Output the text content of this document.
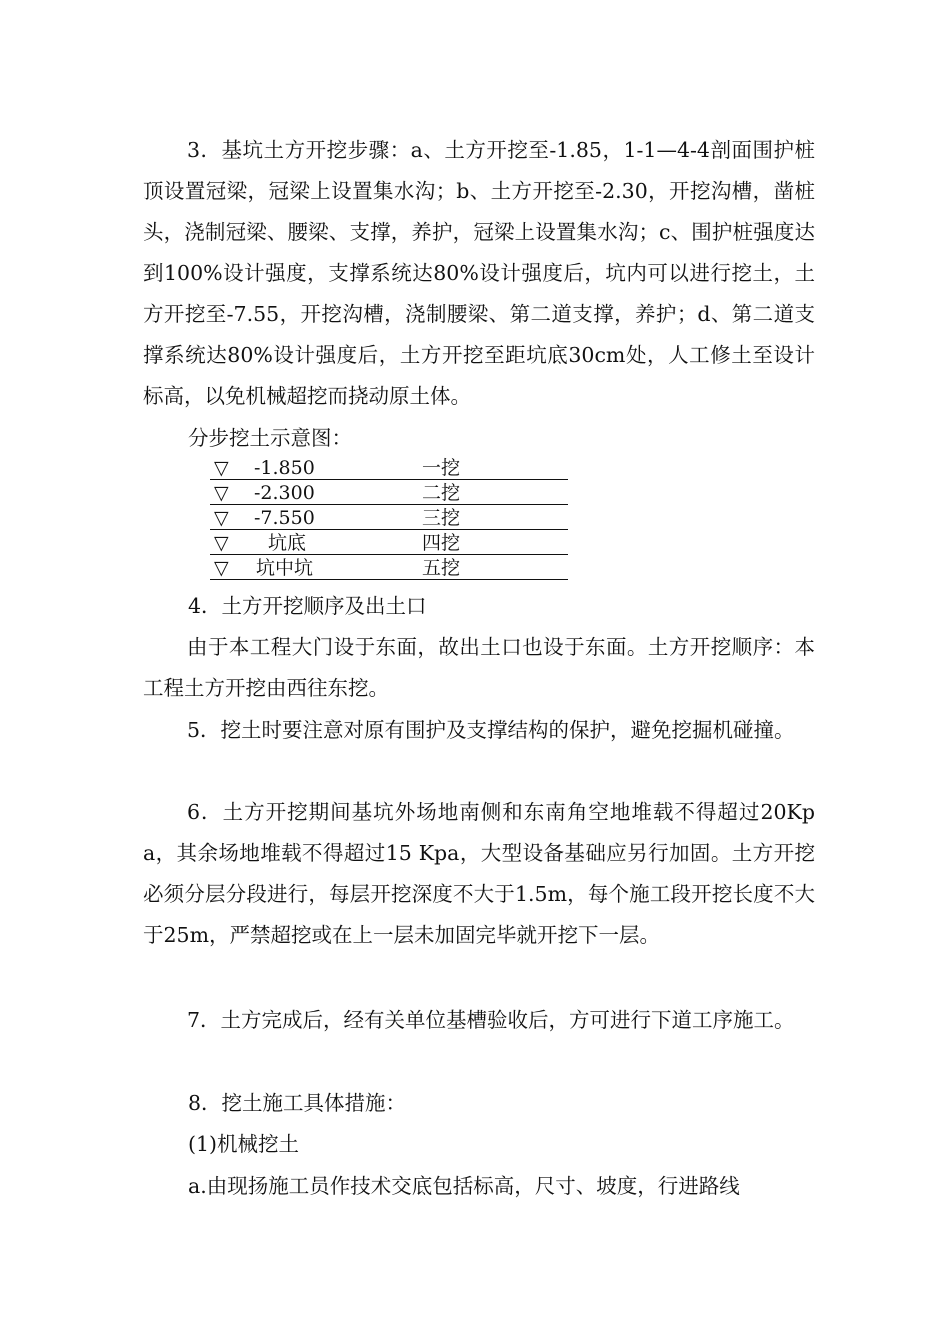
3．基坑土方开挖步骤：a、土方开挖至-1.85，1-1—4-4剖面围护桩顶设置冠梁，冠梁上设置集水沟；b、土方开挖至-2.30，开挖沟槽，凿桩头，浇制冠梁、腰梁、支撑，养护，冠梁上设置集水沟；c、围护桩强度达到100%设计强度，支撑系统达80%设计强度后，坑内可以进行挖土，土方开挖至-7.55，开挖沟槽，浇制腰梁、第二道支撑，养护；d、第二道支撑系统达80%设计强度后，土方开挖至距坑底30cm处，人工修土至设计标高，以免机械超挖而挠动原土体。

分步挖土示意图：

▽ -1.850	一挖
▽ -2.300	二挖
▽ -7.550	三挖
▽ 坑底	四挖
▽ 坑中坑	五挖

4．土方开挖顺序及出土口

由于本工程大门设于东面，故出土口也设于东面。土方开挖顺序：本工程土方开挖由西往东挖。

5．挖土时要注意对原有围护及支撑结构的保护，避免挖掘机碰撞。

6．土方开挖期间基坑外场地南侧和东南角空地堆载不得超过20Kpa，其余场地堆载不得超过15 Kpa，大型设备基础应另行加固。土方开挖必须分层分段进行，每层开挖深度不大于1.5m，每个施工段开挖长度不大于25m，严禁超挖或在上一层未加固完毕就开挖下一层。

7．土方完成后，经有关单位基槽验收后，方可进行下道工序施工。

8．挖土施工具体措施：

(1)机械挖土

a.由现扬施工员作技术交底包括标高，尺寸、坡度，行进路线
